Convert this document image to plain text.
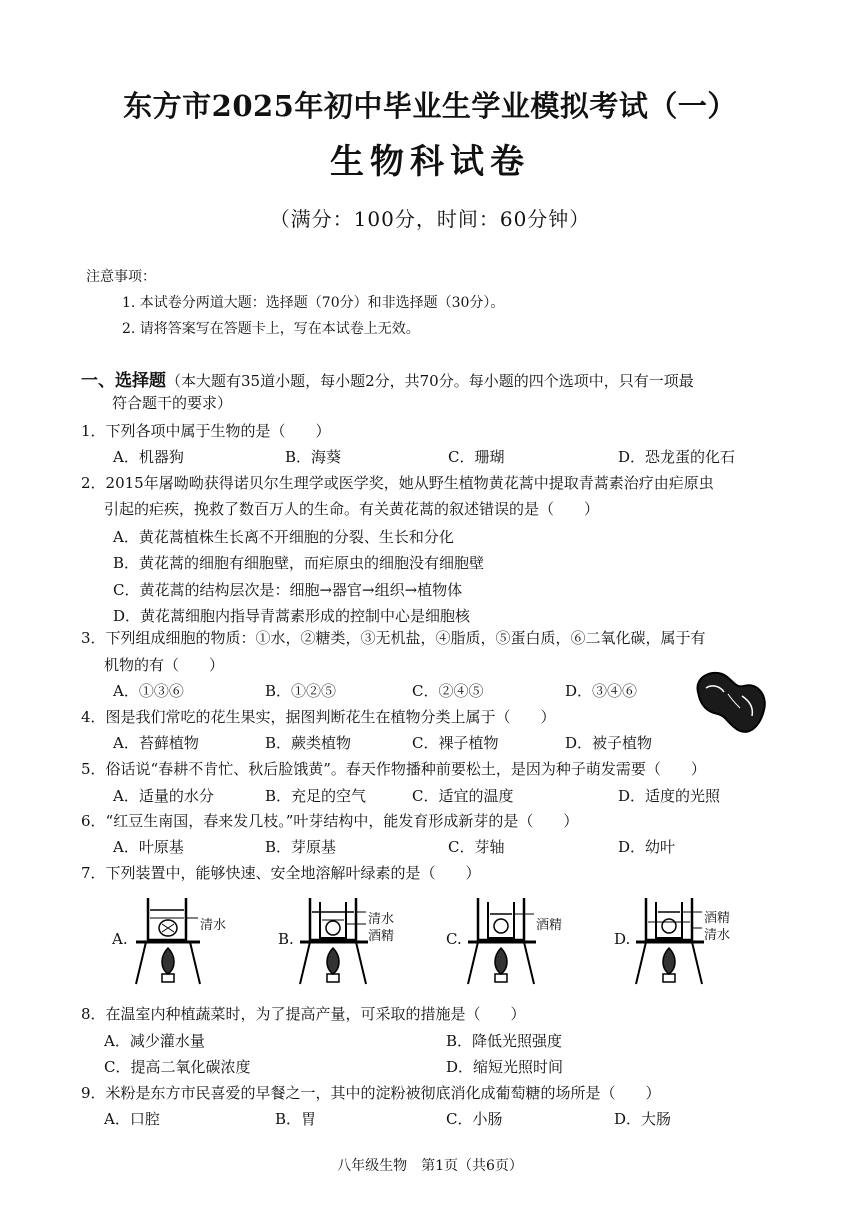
东方市2025年初中毕业生学业模拟考试（一）
生物科试卷
（满分：100分，时间：60分钟）
注意事项：
1. 本试卷分两道大题：选择题（70分）和非选择题（30分）。
2. 请将答案写在答题卡上，写在本试卷上无效。
一、选择题（本大题有35道小题，每小题2分，共70分。每小题的四个选项中，只有一项最
符合题干的要求）
1．下列各项中属于生物的是（　　）
A．机器狗	B．海葵	C．珊瑚	D．恐龙蛋的化石
2．2015年屠呦呦获得诺贝尔生理学或医学奖，她从野生植物黄花蒿中提取青蒿素治疗由疟原虫
引起的疟疾，挽救了数百万人的生命。有关黄花蒿的叙述错误的是（　　）
A．黄花蒿植株生长离不开细胞的分裂、生长和分化
B．黄花蒿的细胞有细胞壁，而疟原虫的细胞没有细胞壁
C．黄花蒿的结构层次是：细胞→器官→组织→植物体
D．黄花蒿细胞内指导青蒿素形成的控制中心是细胞核
3．下列组成细胞的物质：①水，②糖类，③无机盐，④脂质，⑤蛋白质，⑥二氧化碳，属于有
机物的有（　　）
A．①③⑥	B．①②⑤	C．②④⑤	D．③④⑥
4．图是我们常吃的花生果实，据图判断花生在植物分类上属于（　　）
A．苔藓植物	B．蕨类植物	C．裸子植物	D．被子植物
5．俗话说“春耕不肯忙、秋后脸饿黄”。春天作物播种前要松土，是因为种子萌发需要（　　）
A．适量的水分	B．充足的空气	C．适宜的温度	D．适度的光照
6．“红豆生南国，春来发几枝。”叶芽结构中，能发育形成新芽的是（　　）
A．叶原基	B．芽原基	C．芽轴	D．幼叶
7．下列装置中，能够快速、安全地溶解叶绿素的是（　　）
A.
清水
B.
清水
酒精	C.
酒精
D.
酒精
清水
8．在温室内种植蔬菜时，为了提高产量，可采取的措施是（　　）
A．减少灌水量	B．降低光照强度
C．提高二氧化碳浓度	D．缩短光照时间
9．米粉是东方市民喜爱的早餐之一，其中的淀粉被彻底消化成葡萄糖的场所是（　　）
A．口腔	B．胃	C．小肠	D．大肠
八年级生物　第1页（共6页）
